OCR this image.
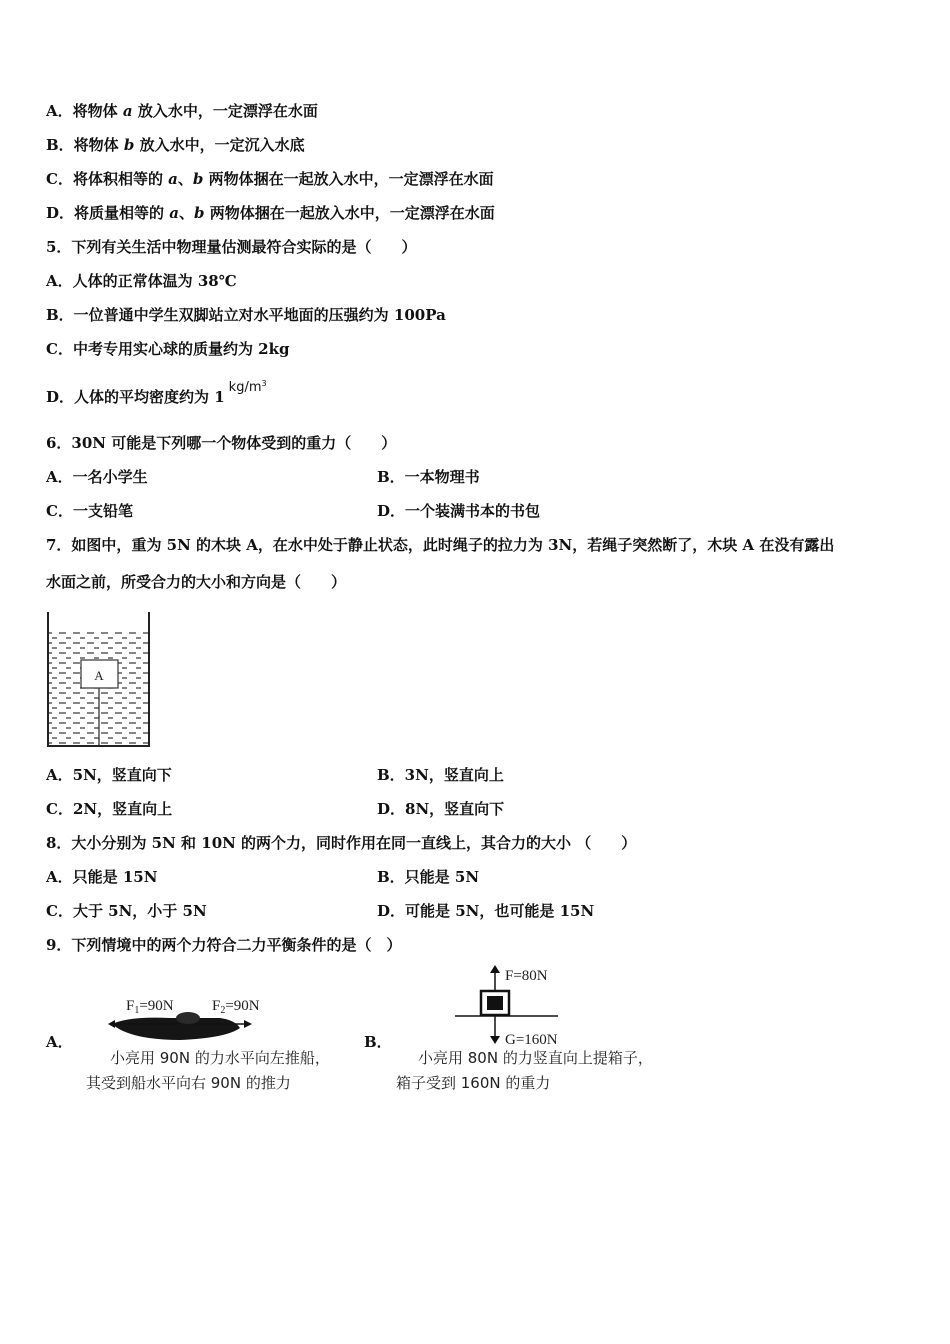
A．将物体 a 放入水中，一定漂浮在水面
B．将物体 b 放入水中，一定沉入水底
C．将体积相等的 a、b 两物体捆在一起放入水中，一定漂浮在水面
D．将质量相等的 a、b 两物体捆在一起放入水中，一定漂浮在水面
5．下列有关生活中物理量估测最符合实际的是（　　）
A．人体的正常体温为 38℃
B．一位普通中学生双脚站立对水平地面的压强约为 100Pa
C．中考专用实心球的质量约为 2kg
D．人体的平均密度约为 $1kg/m^3$
6．30N 可能是下列哪一个物体受到的重力（　　）
A．一名小学生	B．一本物理书
C．一支铅笔	D．一个装满书本的书包
7．如图中，重为 5N 的木块 A，在水中处于静止状态，此时绳子的拉力为 3N，若绳子突然断了，木块 A 在没有露出
水面之前，所受合力的大小和方向是（　　）
A
A．5N，竖直向下	B．3N，竖直向上
C．2N，竖直向上	D．8N，竖直向下
8．大小分别为 5N 和 10N 的两个力，同时作用在同一直线上，其合力的大小 （　　）
A．只能是 15N	B．只能是 5N
C．大于 5N，小于 5N	D．可能是 5N，也可能是 15N
9．下列情境中的两个力符合二力平衡条件的是（　）
A．
$F_1=90N$	$F_2=90N$
小亮用 90N 的力水平向左推船，
其受到船水平向右 90N 的推力
B．
F=80N
G=160N
小亮用 80N 的力竖直向上提箱子，
箱子受到 160N 的重力
